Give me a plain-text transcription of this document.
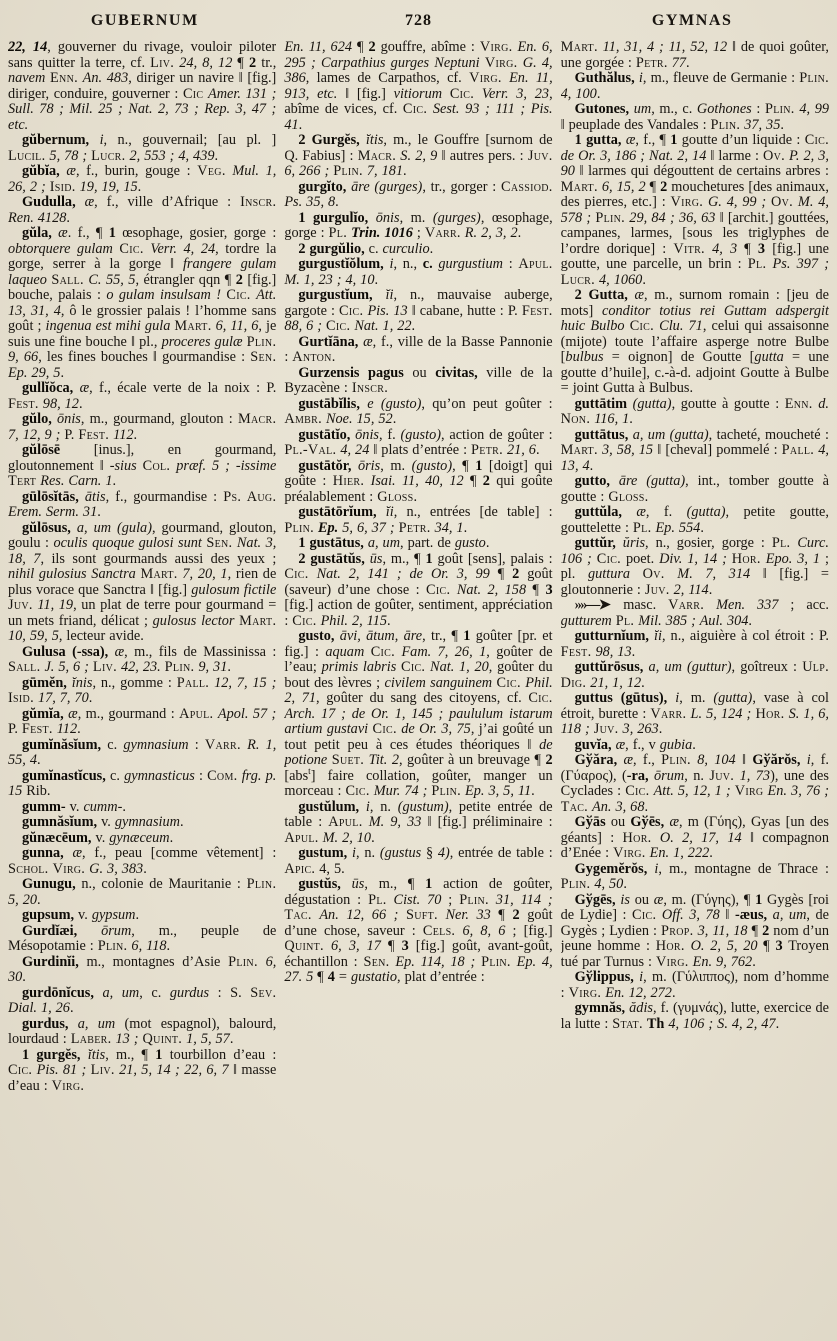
GUBERNUM	728	GYMNAS

22, 14, gouverner du rivage, vouloir piloter sans quitter la terre, cf. Liv. 24, 8, 12 ¶ 2 tr., navem Enn. An. 483, diriger un navire ‖ [fig.] diriger, conduire, gouverner : Cic Amer. 131 ; Sull. 78 ; Mil. 25 ; Nat. 2, 73 ; Rep. 3, 47 ; etc.

gŭbernum, i, n., gouvernail; [au pl. ] Lucil. 5, 78 ; Lucr. 2, 553 ; 4, 439.

gŭbĭa, æ, f., burin, gouge : Veg. Mul. 1, 26, 2 ; Isid. 19, 19, 15.

Gudulla, æ, f., ville d’Afrique : Inscr. Ren. 4128.

gŭla, æ. f., ¶ 1 œsophage, gosier, gorge : obtorquere gulam Cic. Verr. 4, 24, tordre la gorge, serrer à la gorge ‖ frangere gulam laqueo Sall. C. 55, 5, étrangler qqn ¶ 2 [fig.] bouche, palais : o gulam insulsam ! Cic. Att. 13, 31, 4, ô le grossier palais ! l’homme sans goût ; ingenua est mihi gula Mart. 6, 11, 6, je suis une fine bouche ‖ pl., proceres gulæ Plin. 9, 66, les fines bouches ‖ gourmandise : Sen. Ep. 29, 5.

gullĭŏca, æ, f., écale verte de la noix : P. Fest. 98, 12.

gŭlo, ōnis, m., gourmand, glouton : Macr. 7, 12, 9 ; P. Fest. 112.

gŭlōsē [inus.], en gourmand, gloutonnement ‖ -sius Col. præf. 5 ; -issime Tert Res. Carn. 1.

gūlōsĭtās, ātis, f., gourmandise : Ps. Aug. Erem. Serm. 31.

gŭlōsus, a, um (gula), gourmand, glouton, goulu : oculis quoque gulosi sunt Sen. Nat. 3, 18, 7, ils sont gourmands aussi des yeux ; nihil gulosius Sanctra Mart. 7, 20, 1, rien de plus vorace que Sanctra ‖ [fig.] gulosum fictile Juv. 11, 19, un plat de terre pour gourmand = un mets friand, délicat ; gulosus lector Mart. 10, 59, 5, lecteur avide.

Gulusa (-ssa), æ, m., fils de Massinissa : Sall. J. 5, 6 ; Liv. 42, 23. Plin. 9, 31.

gūmĕn, ĭnis, n., gomme : Pall. 12, 7, 15 ; Isid. 17, 7, 70.

gŭmĭa, æ, m., gourmand : Apul. Apol. 57 ; P. Fest. 112.

gumĭnăsĭum, c. gymnasium : Varr. R. 1, 55, 4.

gumĭnastĭcus, c. gymnasticus : Com. frg. p. 15 Rib.

gumm- v. cumm-.

gumnăsĭum, v. gymnasium.

gŭnæcēum, v. gynæceum.

gunna, æ, f., peau [comme vêtement] : Schol. Virg. G. 3, 383.

Gunugu, n., colonie de Mauritanie : Plin. 5, 20.

gupsum, v. gypsum.

Gurdĭæi, ōrum, m., peuple de Mésopotamie : Plin. 6, 118.

Gurdinĭi, m., montagnes d’Asie Plin. 6, 30.

gurdōnĭcus, a, um, c. gurdus : S. Sev. Dial. 1, 26.

gurdus, a, um (mot espagnol), balourd, lourdaud : Laber. 13 ; Quint. 1, 5, 57.

1 gurgĕs, ĭtis, m., ¶ 1 tourbillon d’eau : Cic. Pis. 81 ; Liv. 21, 5, 14 ; 22, 6, 7 ‖ masse d’eau : Virg.

En. 11, 624 ¶ 2 gouffre, abîme : Virg. En. 6, 295 ; Carpathius gurges Neptuni Virg. G. 4, 386, lames de Carpathos, cf. Virg. En. 11, 913, etc. ‖ [fig.] vitiorum Cic. Verr. 3, 23, abîme de vices, cf. Cic. Sest. 93 ; 111 ; Pis. 41.

2 Gurgĕs, ĭtis, m., le Gouffre [surnom de Q. Fabius] : Macr. S. 2, 9 ‖ autres pers. : Juv. 6, 266 ; Plin. 7, 181.

gurgĭto, āre (gurges), tr., gorger : Cassiod. Ps. 35, 8.

1 gurgulĭo, ōnis, m. (gurges), œsophage, gorge : Pl. Trin. 1016 ; Varr. R. 2, 3, 2.

2 gurgŭlio, c. curculio.

gurgustĭŏlum, i, n., c. gurgustium : Apul. M. 1, 23 ; 4, 10.

gurgustĭum, ĭi, n., mauvaise auberge, gargote : Cic. Pis. 13 ‖ cabane, hutte : P. Fest. 88, 6 ; Cic. Nat. 1, 22.

Gurtĭāna, æ, f., ville de la Basse Pannonie : Anton.

Gurzensis pagus ou civitas, ville de la Byzacène : Inscr.

gustābĭlis, e (gusto), qu’on peut goûter : Ambr. Noe. 15, 52.

gustātĭo, ōnis, f. (gusto), action de goûter : Pl.-Val. 4, 24 ‖ plats d’entrée : Petr. 21, 6.

gustātŏr, ōris, m. (gusto), ¶ 1 [doigt] qui goûte : Hier. Isai. 11, 40, 12 ¶ 2 qui goûte préalablement : Gloss.

gustātōrĭum, ĭi, n., entrées [de table] : Plin. Ep. 5, 6, 37 ; Petr. 34, 1.

1 gustātus, a, um, part. de gusto.

2 gustātŭs, ūs, m., ¶ 1 goût [sens], palais : Cic. Nat. 2, 141 ; de Or. 3, 99 ¶ 2 goût (saveur) d’une chose : Cic. Nat. 2, 158 ¶ 3 [fig.] action de goûter, sentiment, appréciation : Cic. Phil. 2, 115.

gusto, āvi, ātum, āre, tr., ¶ 1 goûter [pr. et fig.] : aquam Cic. Fam. 7, 26, 1, goûter de l’eau; primis labris Cic. Nat. 1, 20, goûter du bout des lèvres ; civilem sanguinem Cic. Phil. 2, 71, goûter du sang des citoyens, cf. Cic. Arch. 17 ; de Or. 1, 145 ; paululum istarum artium gustavi Cic. de Or. 3, 75, j’ai goûté un tout petit peu à ces études théoriques ‖ de potione Suet. Tit. 2, goûter à un breuvage ¶ 2 [abs$^t$] faire collation, goûter, manger un morceau : Cic. Mur. 74 ; Plin. Ep. 3, 5, 11.

gustŭlum, i, n. (gustum), petite entrée de table : Apul. M. 9, 33 ‖ [fig.] préliminaire : Apul. M. 2, 10.

gustum, i, n. (gustus § 4), entrée de table : Apic. 4, 5.

gustŭs, ūs, m., ¶ 1 action de goûter, dégustation : Pl. Cist. 70 ; Plin. 31, 114 ; Tac. An. 12, 66 ; Suft. Ner. 33 ¶ 2 goût d’une chose, saveur : Cels. 6, 8, 6 ; [fig.] Quint. 6, 3, 17 ¶ 3 [fig.] goût, avant-goût, échantillon : Sen. Ep. 114, 18 ; Plin. Ep. 4, 27. 5 ¶ 4 = gustatio, plat d’entrée :

Mart. 11, 31, 4 ; 11, 52, 12 ‖ de quoi goûter, une gorgée : Petr. 77.

Guthălus, i, m., fleuve de Germanie : Plin. 4, 100.

Gutones, um, m., c. Gothones : Plin. 4, 99 ‖ peuplade des Vandales : Plin. 37, 35.

1 gutta, æ, f., ¶ 1 goutte d’un liquide : Cic. de Or. 3, 186 ; Nat. 2, 14 ‖ larme : Ov. P. 2, 3, 90 ‖ larmes qui dégouttent de certains arbres : Mart. 6, 15, 2 ¶ 2 mouchetures [des animaux, des pierres, etc.] : Virg. G. 4, 99 ; Ov. M. 4, 578 ; Plin. 29, 84 ; 36, 63 ‖ [archit.] gouttées, campanes, larmes, [sous les triglyphes de l’ordre dorique] : Vitr. 4, 3 ¶ 3 [fig.] une goutte, une parcelle, un brin : Pl. Ps. 397 ; Lucr. 4, 1060.

2 Gutta, æ, m., surnom romain : [jeu de mots] conditor totius rei Guttam adspergit huic Bulbo Cic. Clu. 71, celui qui assaisonne (mijote) toute l’affaire asperge notre Bulbe [bulbus = oignon] de Goutte [gutta = une goutte d’huile], c.-à-d. adjoint Goutte à Bulbe = joint Gutta à Bulbus.

guttātim (gutta), goutte à goutte : Enn. d. Non. 116, 1.

guttātus, a, um (gutta), tacheté, moucheté : Mart. 3, 58, 15 ‖ [cheval] pommelé : Pall. 4, 13, 4.

gutto, āre (gutta), int., tomber goutte à goutte : Gloss.

guttŭla, æ, f. (gutta), petite goutte, gouttelette : Pl. Ep. 554.

guttŭr, ŭris, n., gosier, gorge : Pl. Curc. 106 ; Cic. poet. Div. 1, 14 ; Hor. Epo. 3, 1 ; pl. guttura Ov. M. 7, 314 ‖ [fig.] = gloutonnerie : Juv. 2, 114.

»»—➤ masc. Varr. Men. 337 ; acc. gutturem Pl. Mil. 385 ; Aul. 304.

gutturnĭum, ĭi, n., aiguière à col étroit : P. Fest. 98, 13.

guttŭrōsus, a, um (guttur), goîtreux : Ulp. Dig. 21, 1, 12.

guttus (gūtus), i, m. (gutta), vase à col étroit, burette : Varr. L. 5, 124 ; Hor. S. 1, 6, 118 ; Juv. 3, 263.

guvĭa, æ, f., v gubia.

Gўăra, æ, f., Plin. 8, 104 ‖ Gўărŏs, i, f. (Γύαρος), (-ra, ōrum, n. Juv. 1, 73), une des Cyclades : Cic. Att. 5, 12, 1 ; Virg En. 3, 76 ; Tac. An. 3, 68.

Gўās ou Gўēs, æ, m (Γύης), Gyas [un des géants] : Hor. O. 2, 17, 14 ‖ compagnon d’Enée : Virg. En. 1, 222.

Gygemĕrŏs, i, m., montagne de Thrace : Plin. 4, 50.

Gўgēs, is ou æ, m. (Γύγης), ¶ 1 Gygès [roi de Lydie] : Cic. Off. 3, 78 ‖ -æus, a, um, de Gygès ; Lydien : Prop. 3, 11, 18 ¶ 2 nom d’un jeune homme : Hor. O. 2, 5, 20 ¶ 3 Troyen tué par Turnus : Virg. En. 9, 762.

Gўlippus, i, m. (Γύλιππος), nom d’homme : Virg. En. 12, 272.

gymnăs, ădis, f. (γυμνάς), lutte, exercice de la lutte : Stat. Th 4, 106 ; S. 4, 2, 47.
